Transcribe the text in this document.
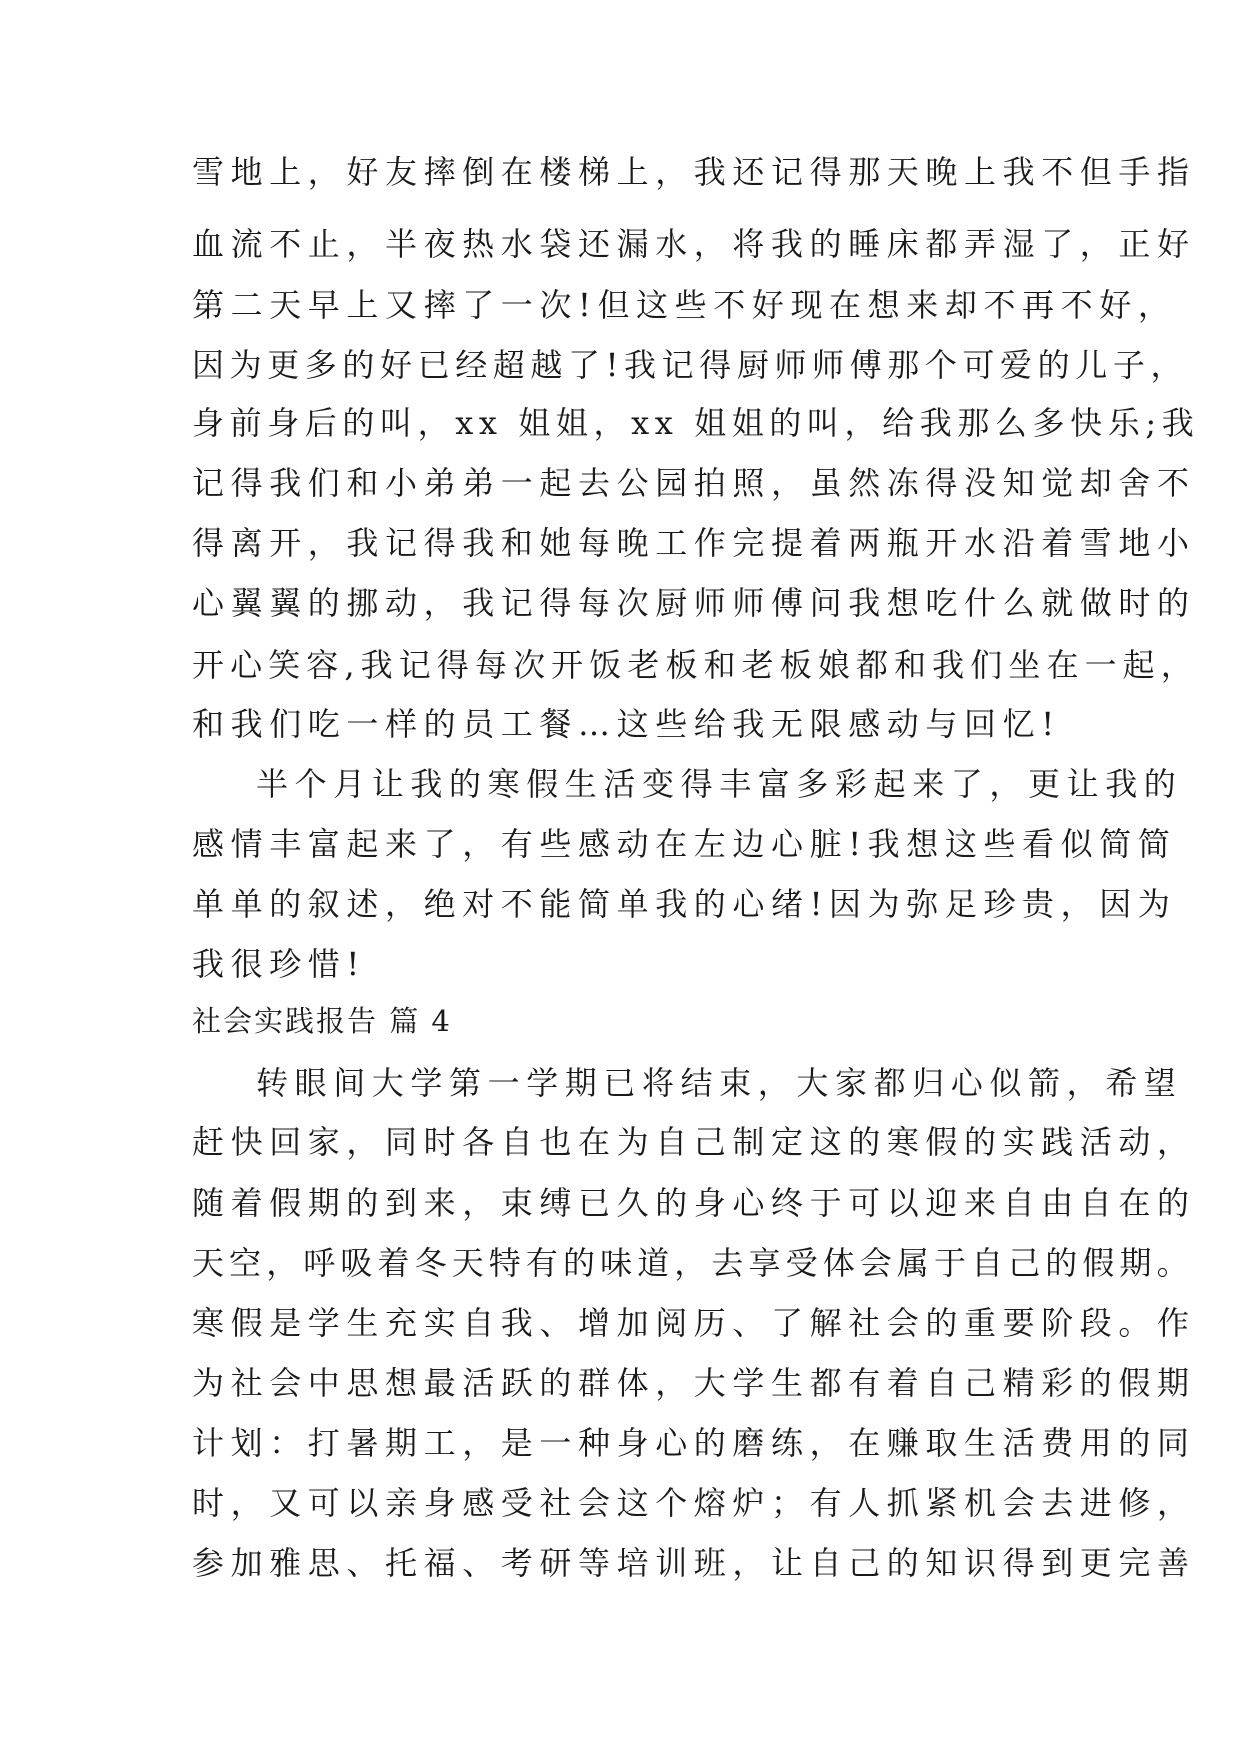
雪地上，好友摔倒在楼梯上，我还记得那天晚上我不但手指
血流不止，半夜热水袋还漏水，将我的睡床都弄湿了，正好
第二天早上又摔了一次!但这些不好现在想来却不再不好，
因为更多的好已经超越了!我记得厨师师傅那个可爱的儿子，
身前身后的叫，xx 姐姐，xx 姐姐的叫，给我那么多快乐;我
记得我们和小弟弟一起去公园拍照，虽然冻得没知觉却舍不
得离开，我记得我和她每晚工作完提着两瓶开水沿着雪地小
心翼翼的挪动，我记得每次厨师师傅问我想吃什么就做时的
开心笑容,我记得每次开饭老板和老板娘都和我们坐在一起，
和我们吃一样的员工餐…这些给我无限感动与回忆!
半个月让我的寒假生活变得丰富多彩起来了，更让我的
感情丰富起来了，有些感动在左边心脏!我想这些看似简简
单单的叙述，绝对不能简单我的心绪!因为弥足珍贵，因为
我很珍惜!
社会实践报告 篇 4
转眼间大学第一学期已将结束，大家都归心似箭，希望
赶快回家，同时各自也在为自己制定这的寒假的实践活动，
随着假期的到来，束缚已久的身心终于可以迎来自由自在的
天空，呼吸着冬天特有的味道，去享受体会属于自己的假期。
寒假是学生充实自我、增加阅历、了解社会的重要阶段。作
为社会中思想最活跃的群体，大学生都有着自己精彩的假期
计划：打暑期工，是一种身心的磨练，在赚取生活费用的同
时，又可以亲身感受社会这个熔炉；有人抓紧机会去进修，
参加雅思、托福、考研等培训班，让自己的知识得到更完善
